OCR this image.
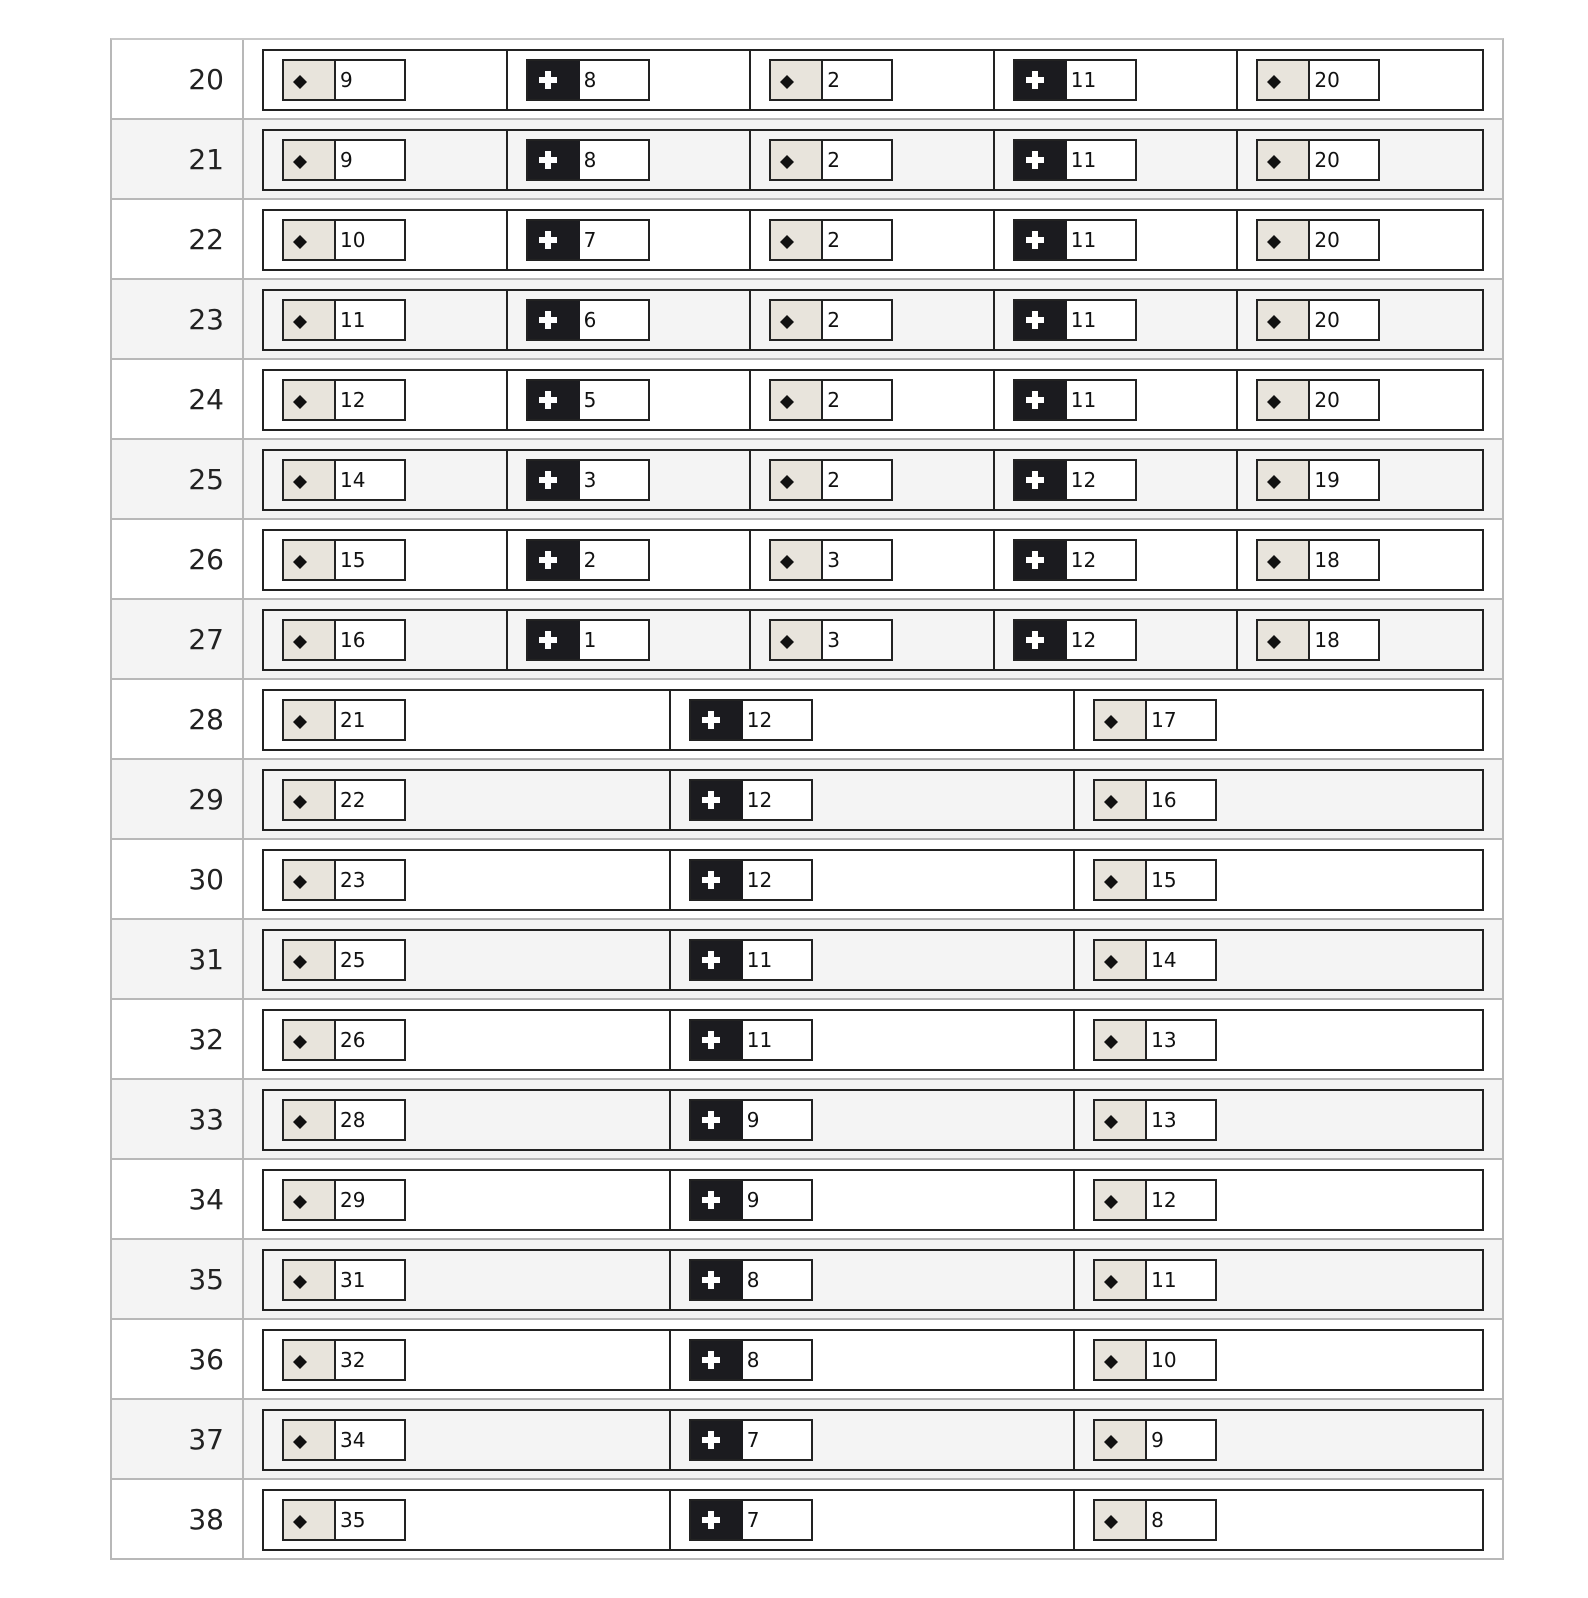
20	9	8	2	11	20
21	9	8	2	11	20
22	10	7	2	11	20
23	11	6	2	11	20
24	12	5	2	11	20
25	14	3	2	12	19
26	15	2	3	12	18
27	16	1	3	12	18
28	21	12	17
29	22	12	16
30	23	12	15
31	25	11	14
32	26	11	13
33	28	9	13
34	29	9	12
35	31	8	11
36	32	8	10
37	34	7	9
38	35	7	8
